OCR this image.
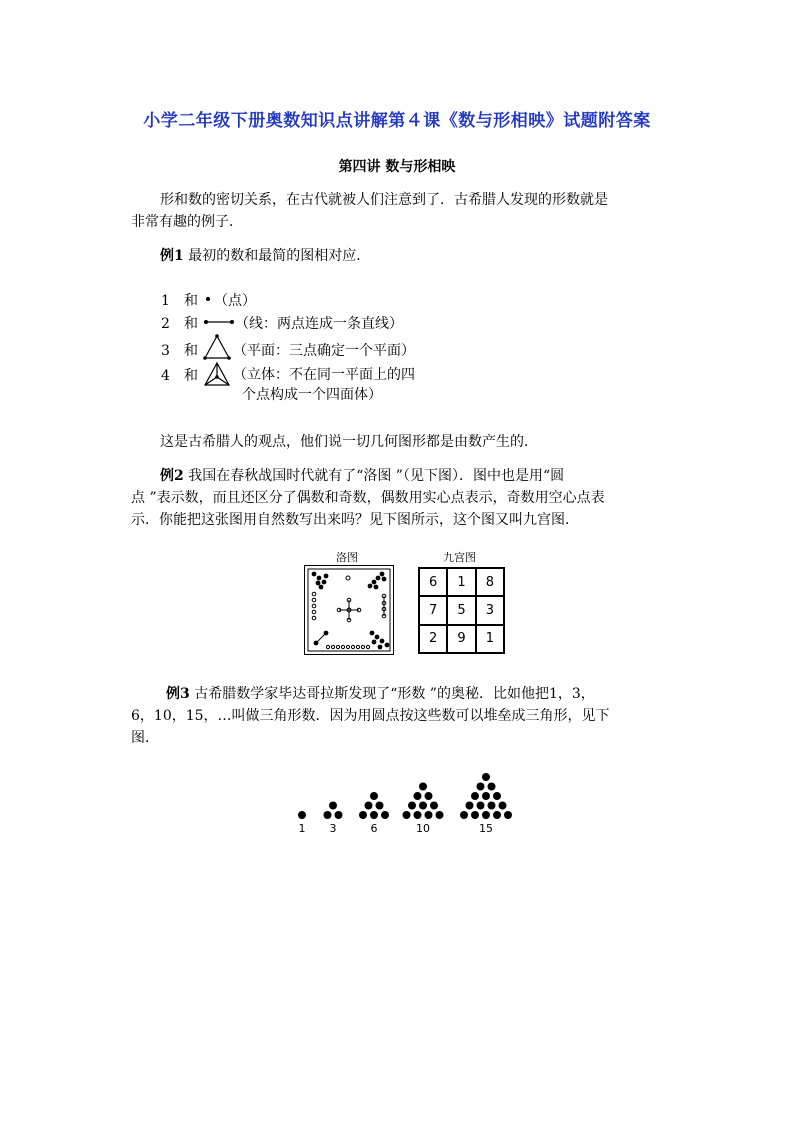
小学二年级下册奥数知识点讲解第４课《数与形相映》试题附答案
第四讲 数与形相映
形和数的密切关系，在古代就被人们注意到了．古希腊人发现的形数就是
非常有趣的例子．
例1 最初的数和最简的图相对应．
1 和 （点）
2 和	（线：两点连成一条直线）
3 和	（平面：三点确定一个平面）
4 和	（立体：不在同一平面上的四
个点构成一个四面体）
这是古希腊人的观点，他们说一切几何图形都是由数产生的．
例2 我国在春秋战国时代就有了“洛图 ”（见下图）．图中也是用“圆
点 ”表示数，而且还区分了偶数和奇数，偶数用实心点表示，奇数用空心点表
示．你能把这张图用自然数写出来吗？见下图所示，这个图又叫九宫图．
洛图	九宫图
6	1	8
7	5	3
2	9	1
例3 古希腊数学家毕达哥拉斯发现了“形数 ”的奥秘．比如他把1，3，
6，10，15，…叫做三角形数．因为用圆点按这些数可以堆垒成三角形，见下
图．
1 3	6	10	15
